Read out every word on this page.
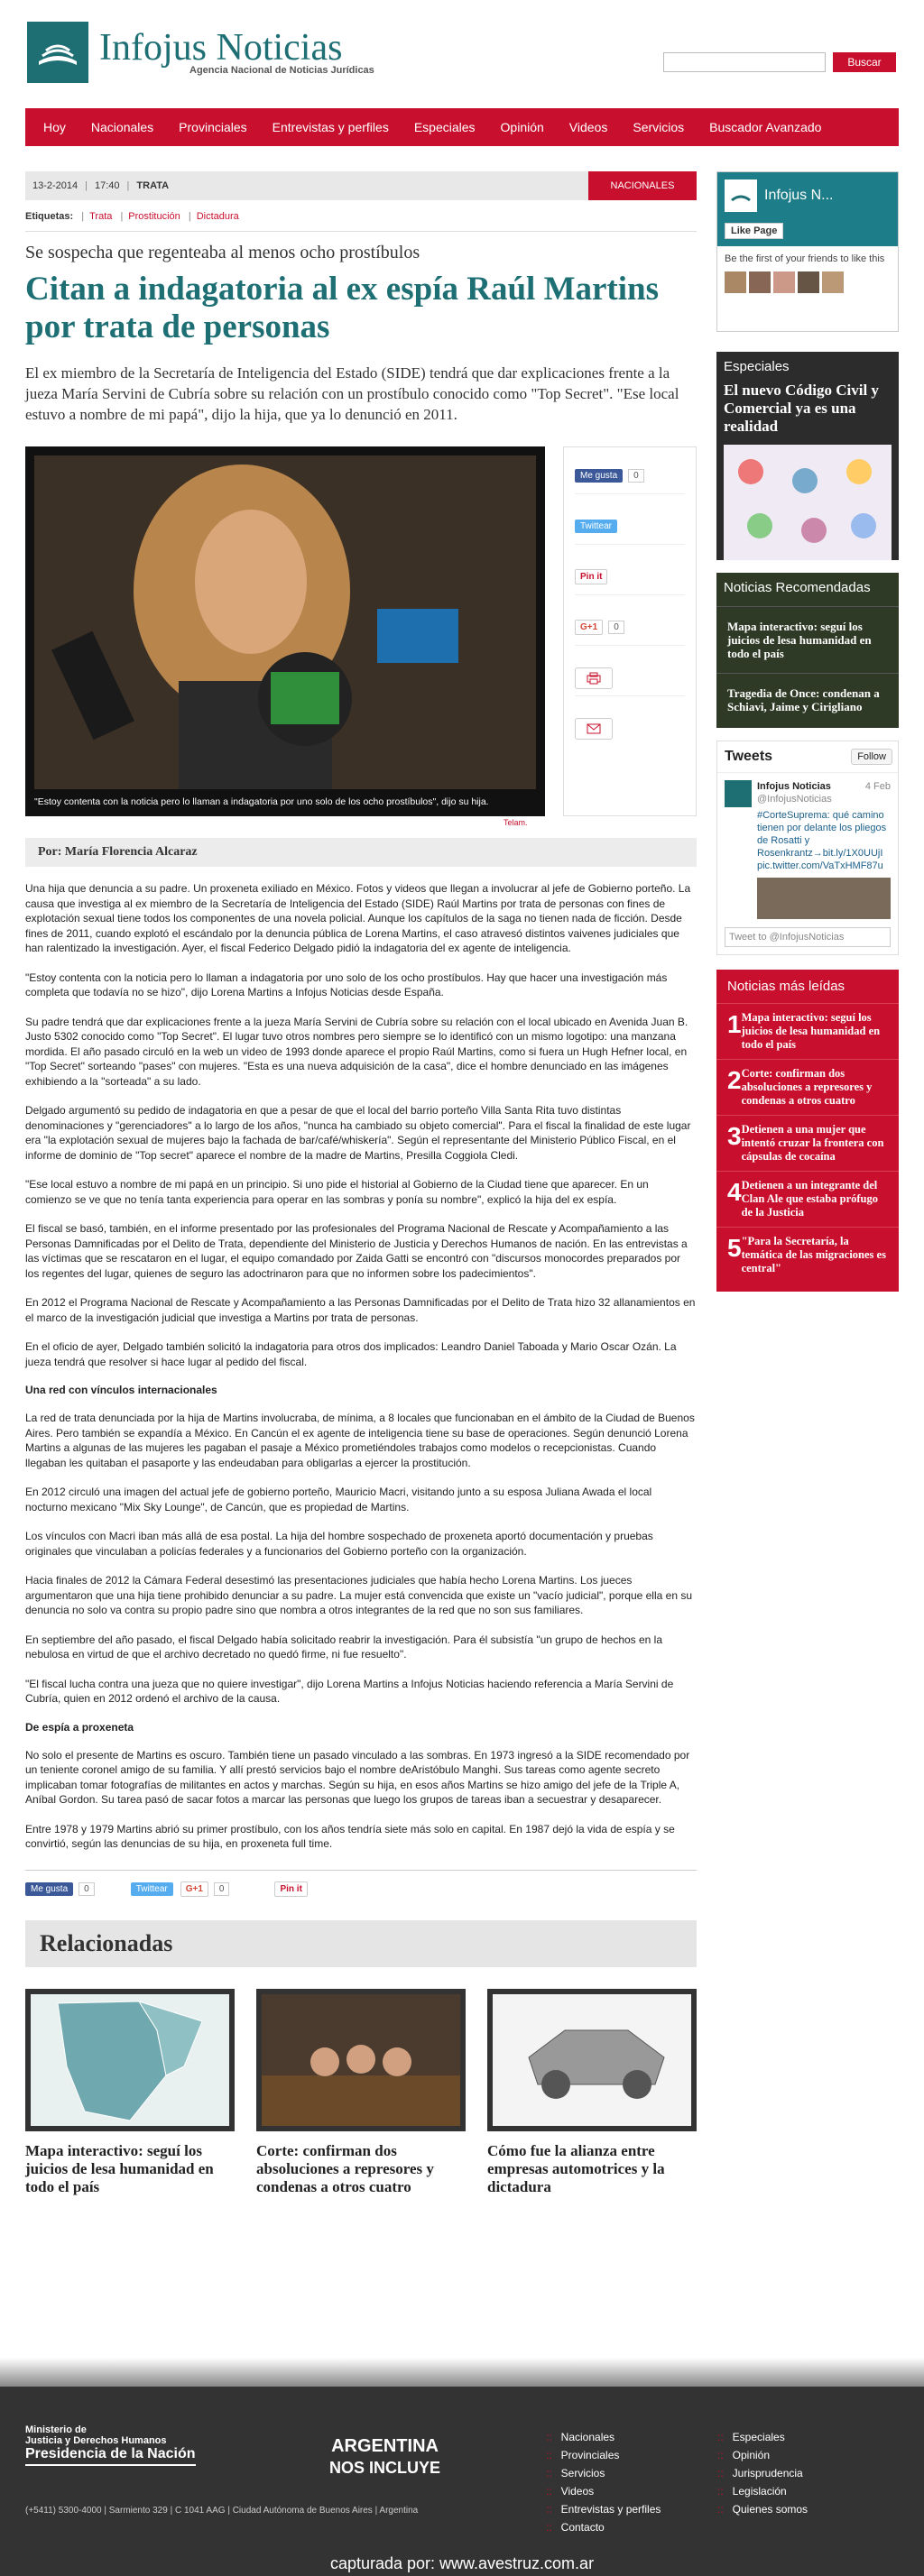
Infojus Noticias
Agencia Nacional de Noticias Jurídicas
Buscar
Hoy	Nacionales	Provinciales	Entrevistas y perfiles	Especiales	Opinión	Videos	Servicios	Buscador Avanzado
13-2-2014 | 17:40 | TRATA	NACIONALES
Etiquetas: | Trata | Prostitución | Dictadura
Se sospecha que regenteaba al menos ocho prostíbulos
Citan a indagatoria al ex espía Raúl Martins por trata de personas
El ex miembro de la Secretaría de Inteligencia del Estado (SIDE) tendrá que dar explicaciones frente a la jueza María Servini de Cubría sobre su relación con un prostíbulo conocido como "Top Secret". "Ese local estuvo a nombre de mi papá", dijo la hija, que ya lo denunció en 2011.
"Estoy contenta con la noticia pero lo llaman a indagatoria por uno solo de los ocho prostíbulos", dijo su hija.
Telam.
Me gusta	0
Twittear
Pin it
G+1	0
Por: María Florencia Alcaraz

Una hija que denuncia a su padre. Un proxeneta exiliado en México. Fotos y videos que llegan a involucrar al jefe de Gobierno porteño. La causa que investiga al ex miembro de la Secretaría de Inteligencia del Estado (SIDE) Raúl Martins por trata de personas con fines de explotación sexual tiene todos los componentes de una novela policial. Aunque los capítulos de la saga no tienen nada de ficción. Desde fines de 2011, cuando explotó el escándalo por la denuncia pública de Lorena Martins, el caso atravesó distintos vaivenes judiciales que han ralentizado la investigación. Ayer, el fiscal Federico Delgado pidió la indagatoria del ex agente de inteligencia.

"Estoy contenta con la noticia pero lo llaman a indagatoria por uno solo de los ocho prostíbulos. Hay que hacer una investigación más completa que todavía no se hizo", dijo Lorena Martins a Infojus Noticias desde España.

Su padre tendrá que dar explicaciones frente a la jueza María Servini de Cubría sobre su relación con el local ubicado en Avenida Juan B. Justo 5302 conocido como "Top Secret". El lugar tuvo otros nombres pero siempre se lo identificó con un mismo logotipo: una manzana mordida. El año pasado circuló en la web un video de 1993 donde aparece el propio Raúl Martins, como si fuera un Hugh Hefner local, en "Top Secret" sorteando "pases" con mujeres. "Esta es una nueva adquisición de la casa", dice el hombre denunciado en las imágenes exhibiendo a la "sorteada" a su lado.

Delgado argumentó su pedido de indagatoria en que a pesar de que el local del barrio porteño Villa Santa Rita tuvo distintas denominaciones y "gerenciadores" a lo largo de los años, "nunca ha cambiado su objeto comercial". Para el fiscal la finalidad de este lugar era "la explotación sexual de mujeres bajo la fachada de bar/café/whiskería". Según el representante del Ministerio Público Fiscal, en el informe de dominio de "Top secret" aparece el nombre de la madre de Martins, Presilla Coggiola Cledi.

"Ese local estuvo a nombre de mi papá en un principio. Si uno pide el historial al Gobierno de la Ciudad tiene que aparecer. En un comienzo se ve que no tenía tanta experiencia para operar en las sombras y ponía su nombre", explicó la hija del ex espía.

El fiscal se basó, también, en el informe presentado por las profesionales del Programa Nacional de Rescate y Acompañamiento a las Personas Damnificadas por el Delito de Trata, dependiente del Ministerio de Justicia y Derechos Humanos de nación. En las entrevistas a las víctimas que se rescataron en el lugar, el equipo comandado por Zaida Gatti se encontró con "discursos monocordes preparados por los regentes del lugar, quienes de seguro las adoctrinaron para que no informen sobre los padecimientos".

En 2012 el Programa Nacional de Rescate y Acompañamiento a las Personas Damnificadas por el Delito de Trata hizo 32 allanamientos en el marco de la investigación judicial que investiga a Martins por trata de personas.

En el oficio de ayer, Delgado también solicitó la indagatoria para otros dos implicados: Leandro Daniel Taboada y Mario Oscar Ozán. La jueza tendrá que resolver si hace lugar al pedido del fiscal.

Una red con vínculos internacionales

La red de trata denunciada por la hija de Martins involucraba, de mínima, a 8 locales que funcionaban en el ámbito de la Ciudad de Buenos Aires. Pero también se expandía a México. En Cancún el ex agente de inteligencia tiene su base de operaciones. Según denunció Lorena Martins a algunas de las mujeres les pagaban el pasaje a México prometiéndoles trabajos como modelos o recepcionistas. Cuando llegaban les quitaban el pasaporte y las endeudaban para obligarlas a ejercer la prostitución.

En 2012 circuló una imagen del actual jefe de gobierno porteño, Mauricio Macri, visitando junto a su esposa Juliana Awada el local nocturno mexicano "Mix Sky Lounge", de Cancún, que es propiedad de Martins.

Los vínculos con Macri iban más allá de esa postal. La hija del hombre sospechado de proxeneta aportó documentación y pruebas originales que vinculaban a policías federales y a funcionarios del Gobierno porteño con la organización.

Hacia finales de 2012 la Cámara Federal desestimó las presentaciones judiciales que había hecho Lorena Martins. Los jueces argumentaron que una hija tiene prohibido denunciar a su padre. La mujer está convencida que existe un "vacío judicial", porque ella en su denuncia no solo va contra su propio padre sino que nombra a otros integrantes de la red que no son sus familiares.

En septiembre del año pasado, el fiscal Delgado había solicitado reabrir la investigación. Para él subsistía "un grupo de hechos en la nebulosa en virtud de que el archivo decretado no quedó firme, ni fue resuelto".

"El fiscal lucha contra una jueza que no quiere investigar", dijo Lorena Martins a Infojus Noticias haciendo referencia a María Servini de Cubría, quien en 2012 ordenó el archivo de la causa.

De espía a proxeneta

No solo el presente de Martins es oscuro. También tiene un pasado vinculado a las sombras. En 1973 ingresó a la SIDE recomendado por un teniente coronel amigo de su familia. Y allí prestó servicios bajo el nombre deAristóbulo Manghi. Sus tareas como agente secreto implicaban tomar fotografías de militantes en actos y marchas. Según su hija, en esos años Martins se hizo amigo del jefe de la Triple A, Aníbal Gordon. Su tarea pasó de sacar fotos a marcar las personas que luego los grupos de tareas iban a secuestrar y desaparecer.

Entre 1978 y 1979 Martins abrió su primer prostíbulo, con los años tendría siete más solo en capital. En 1987 dejó la vida de espía y se convirtió, según las denuncias de su hija, en proxeneta full time.

Me gusta	0	Twittear	G+1	0	Pin it
Relacionadas
Mapa interactivo: seguí los juicios de lesa humanidad en todo el país
Corte: confirman dos absoluciones a represores y condenas a otros cuatro
Cómo fue la alianza entre empresas automotrices y la dictadura
Infojus N...
Like Page
Be the first of your friends to like this
Especiales
El nuevo Código Civil y Comercial ya es una realidad
Noticias Recomendadas
Mapa interactivo: seguí los juicios de lesa humanidad en todo el país
Tragedia de Once: condenan a Schiavi, Jaime y Cirigliano
Tweets	Follow
Infojus Noticias	4 Feb
@InfojusNoticias
#CorteSuprema: qué camino tienen por delante los pliegos de Rosatti y Rosenkrantz→bit.ly/1X0UUjI pic.twitter.com/VaTxHMF87u
Tweet to @InfojusNoticias
Noticias más leídas
1 Mapa interactivo: seguí los juicios de lesa humanidad en todo el país
2 Corte: confirman dos absoluciones a represores y condenas a otros cuatro
3 Detienen a una mujer que intentó cruzar la frontera con cápsulas de cocaína
4 Detienen a un integrante del Clan Ale que estaba prófugo de la Justicia
5 "Para la Secretaría, la temática de las migraciones es central"
Ministerio de
Justicia y Derechos Humanos
Presidencia de la Nación	ARGENTINA
NOS INCLUYE
(+5411) 5300-4000 | Sarmiento 329 | C 1041 AAG | Ciudad Autónoma de Buenos Aires | Argentina
:: Nacionales
:: Provinciales
:: Servicios
:: Videos
:: Entrevistas y perfiles
:: Contacto
:: Especiales
:: Opinión
:: Jurisprudencia
:: Legislación
:: Quienes somos
capturada por: www.avestruz.com.ar
